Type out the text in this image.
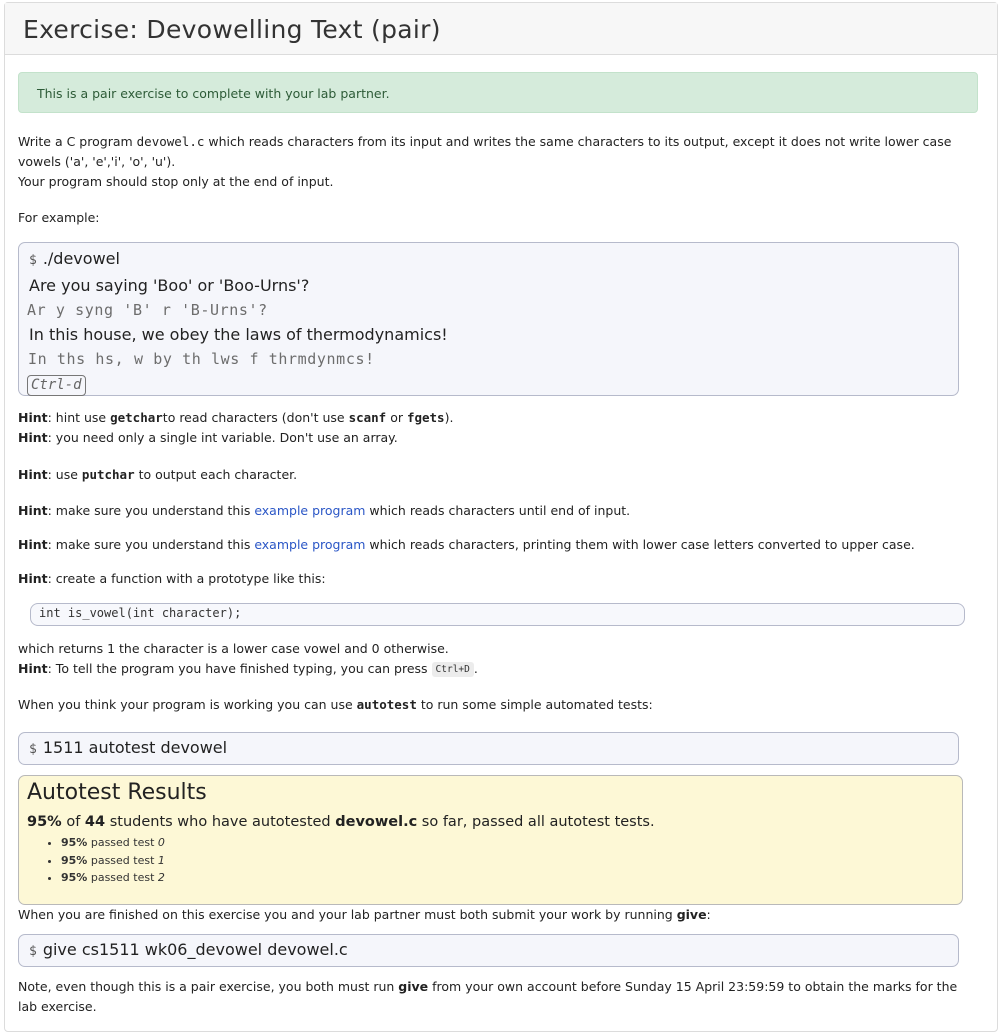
Exercise: Devowelling Text (pair)
This is a pair exercise to complete with your lab partner.

Write a C program devowel.c which reads characters from its input and writes the same characters to its output, except it does not write lower case vowels ('a', 'e','i', 'o', 'u').

Your program should stop only at the end of input.

For example:

$ ./devowel
Are you saying 'Boo' or 'Boo-Urns'?
Ar y syng 'B' r 'B-Urns'?
In this house, we obey the laws of thermodynamics!
In ths hs, w by th lws f thrmdynmcs!
Ctrl-d

Hint: hint use getcharto read characters (don't use scanf or fgets).

Hint: you need only a single int variable. Don't use an array.

Hint: use putchar to output each character.

Hint: make sure you understand this example program which reads characters until end of input.

Hint: make sure you understand this example program which reads characters, printing them with lower case letters converted to upper case.

Hint: create a function with a prototype like this:

int is_vowel(int character);

which returns 1 the character is a lower case vowel and 0 otherwise.

Hint: To tell the program you have finished typing, you can press Ctrl+D .

When you think your program is working you can use autotest to run some simple automated tests:

$ 1511 autotest devowel
Autotest Results
95% of 44 students who have autotested devowel.c so far, passed all autotest tests.
• 95% passed test 0
• 95% passed test 1
• 95% passed test 2

When you are finished on this exercise you and your lab partner must both submit your work by running give:

$ give cs1511 wk06_devowel devowel.c

Note, even though this is a pair exercise, you both must run give from your own account before Sunday 15 April 23:59:59 to obtain the marks for the lab exercise.
